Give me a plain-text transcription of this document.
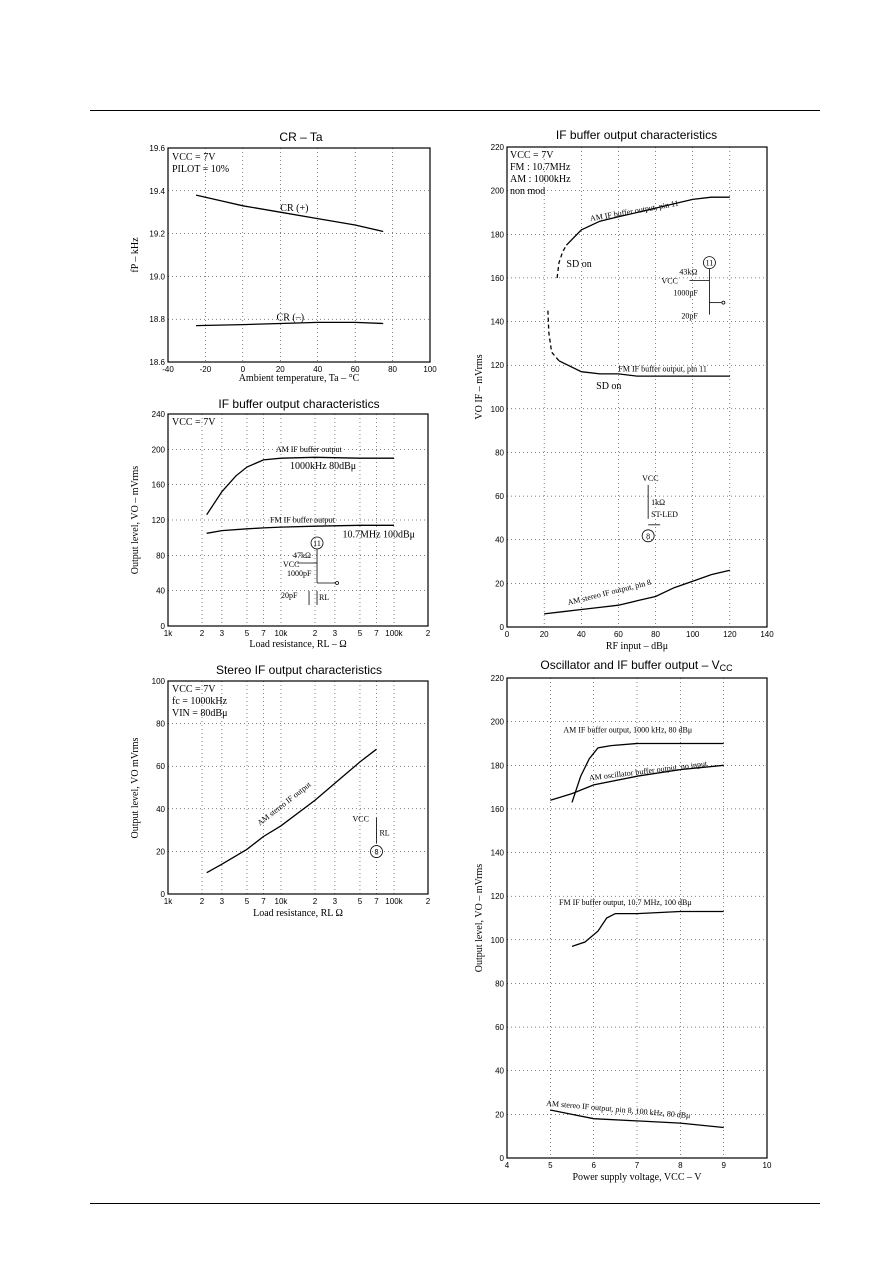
CR – Ta
-40	-20	0	20	40	60	80	100
18.6
18.8
19.0
19.2
19.4
19.6
VCC = 7V
PILOT = 10%
CR (+)
CR (–)
Ambient temperature, Ta – °C
fP – kHz
IF buffer output characteristics
1k	2 3	5 7 10k	2 3	5 7 100k	2
0
40
80
120
160
200
240
VCC = 7V
AM IF buffer output
FM IF buffer output
1000kHz 80dBμ
10.7MHz 100dBμ
11
47kΩ
VCC
1000pF
20pF	RL
Load resistance, RL – Ω
Output level, VO – mVrms
Stereo IF output characteristics
1k	2 3	5 7 10k	2 3	5 7 100k	2
0
20
40
60
80
100
VCC = 7V
fc = 1000kHz
VIN = 80dBμ
AM stereo IF output	VCC
RL
8
Load resistance, RL Ω
Output level, VO mVrms
IF buffer output characteristics
0	20	40	60	80	100	120	140
0
20
40
60
80
100
120
140
160
180
200
220
VCC = 7V
FM : 10.7MHz
AM : 1000kHz
non mod
AM IF buffer output, pin 11
FM IF buffer output, pin 11
AM stereo IF output, pin 8
SD on
SD on
11
43kΩ
VCC
1000pF
20pF
VCC
1kΩ
ST-LED
8
RF input – dBμ
VO IF – mVrms
Oscillator and IF buffer output – $V_{CC}$
4	5	6	7	8	9	10
0
20
40
60
80
100
120
140
160
180
200
220
AM IF buffer output, 1000 kHz, 80 dBμ
AM oscillator buffer output, no input
FM IF buffer output, 10.7 MHz, 100 dBμ
AM stereo IF output, pin 8, 100 kHz, 80 dBμ
Power supply voltage, VCC – V
Output level, VO – mVrms
